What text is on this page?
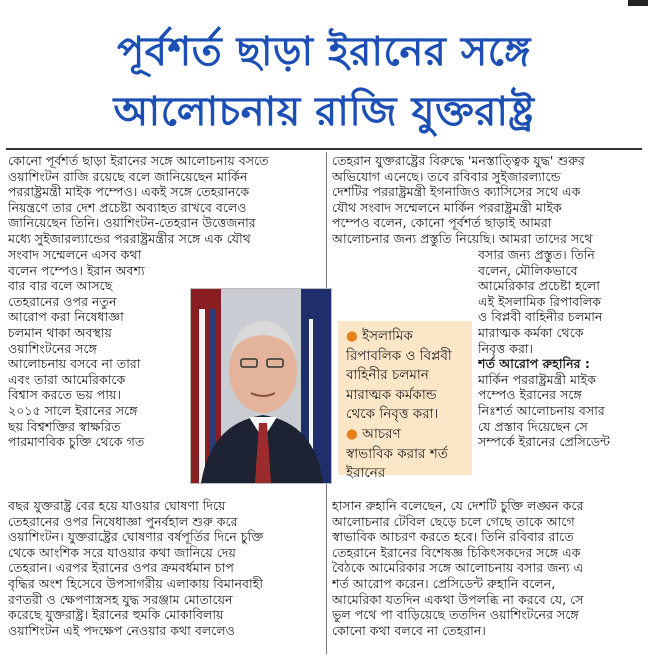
পূর্বশর্ত ছাড়া ইরানের সঙ্গে
আলোচনায় রাজি যুক্তরাষ্ট্র
কোনো পূর্বশর্ত ছাড়া ইরানের সঙ্গে আলোচনায় বসতে
ওয়াশিংটন রাজি রয়েছে বলে জানিয়েছেন মার্কিন
পররাষ্ট্রমন্ত্রী মাইক পম্পেও। একই সঙ্গে তেহরানকে
নিয়ন্ত্রণে তার দেশ প্রচেষ্টা অব্যাহত রাখবে বলেও
জানিয়েছেন তিনি। ওয়াশিংটন-তেহরান উত্তেজনার
মধ্যে সুইজারল্যান্ডের পররাষ্ট্রমন্ত্রীর সঙ্গে এক যৌথ
সংবাদ সম্মেলনে এসব কথা
বলেন পম্পেও। ইরান অবশ্য
বার বার বলে আসছে
তেহরানের ওপর নতুন
আরোপ করা নিষেধাজ্ঞা
চলমান থাকা অবস্থায়
ওয়াশিংটনের সঙ্গে
আলোচনায় বসবে না তারা
এবং তারা আমেরিকাকে
বিশ্বাস করতে ভয় পায়।
২০১৫ সালে ইরানের সঙ্গে
ছয় বিশ্বশক্তির স্বাক্ষরিত
পারমাণবিক চুক্তি থেকে গত
বছর যুক্তরাষ্ট্র বের হয়ে যাওয়ার ঘোষণা দিয়ে
তেহরানের ওপর নিষেধাজ্ঞা পুনর্বহাল শুরু করে
ওয়াশিংটন। যুক্তরাষ্ট্রের ঘোষণার বর্ষপূর্তির দিনে চুক্তি
থেকে আংশিক সরে যাওয়ার কথা জানিয়ে দেয়
তেহরান। এরপর ইরানের ওপর ক্রমবর্ধমান চাপ
বৃদ্ধির অংশ হিসেবে উপসাগরীয় এলাকায় বিমানবাহী
রণতরী ও ক্ষেপণাস্ত্রসহ যুদ্ধ সরঞ্জাম মোতায়েন
করেছে যুক্তরাষ্ট্র। ইরানের হুমকি মোকাবিলায়
ওয়াশিংটন এই পদক্ষেপ নেওয়ার কথা বললেও
● ইসলামিক
রিপাবলিক ও বিপ্লবী
বাহিনীর চলমান
মারাত্মক কর্মকান্ড
থেকে নিবৃত্ত করা।
● আচরণ
স্বাভাবিক করার শর্ত
ইরানের
তেহরান যুক্তরাষ্ট্রের বিরুদ্ধে 'মনস্তাত্ত্বিক যুদ্ধ' শুরুর
অভিযোগ এনেছে। তবে রবিবার সুইজারল্যান্ডে
দেশটির পররাষ্ট্রমন্ত্রী ইগনাজিও ক্যাসিসের সথে এক
যৌথ সংবাদ সম্মেলনে মার্কিন পররাষ্ট্রমন্ত্রী মাইক
পম্পেও বলেন, কোনো পূর্বশর্ত ছাড়াই আমরা
আলোচনার জন্য প্রস্তুতি নিয়েছি। আমরা তাদের সথে
বসার জন্য প্রস্তুত। তিনি
বলেন, মৌলিকভাবে
আমেরিকার প্রচেষ্টা হলো
এই ইসলামিক রিপাবলিক
ও বিপ্লবী বাহিনীর চলমান
মারাত্মক কর্মকা থেকে
নিবৃত্ত করা।
শর্ত আরোপ রুহানির :
মার্কিন পররাষ্ট্রমন্ত্রী মাইক
পম্পেও ইরানের সঙ্গে
নিঃশর্ত আলোচনায় বসার
যে প্রস্তাব দিয়েছেন সে
সম্পর্কে ইরানের প্রেসিডেন্ট
হাসান রুহানি বলেছেন, যে দেশটি চুক্তি লঙ্ঘন করে
আলোচনার টেবিল ছেড়ে চলে গেছে তাকে আগে
স্বাভাবিক আচরণ করতে হবে। তিনি রবিবার রাতে
তেহরানে ইরানের বিশেষজ্ঞ চিকিৎসকদের সঙ্গে এক
বৈঠকে আমেরিকার সঙ্গে আলোচনায় বসার জন্য এ
শর্ত আরোপ করেন। প্রেসিডেন্ট রুহানি বলেন,
আমেরিকা যতদিন একথা উপলব্ধি না করবে যে, সে
ভুল পথে পা বাড়িয়েছে ততদিন ওয়াশিংটনের সঙ্গে
কোনো কথা বলবে না তেহরান।
